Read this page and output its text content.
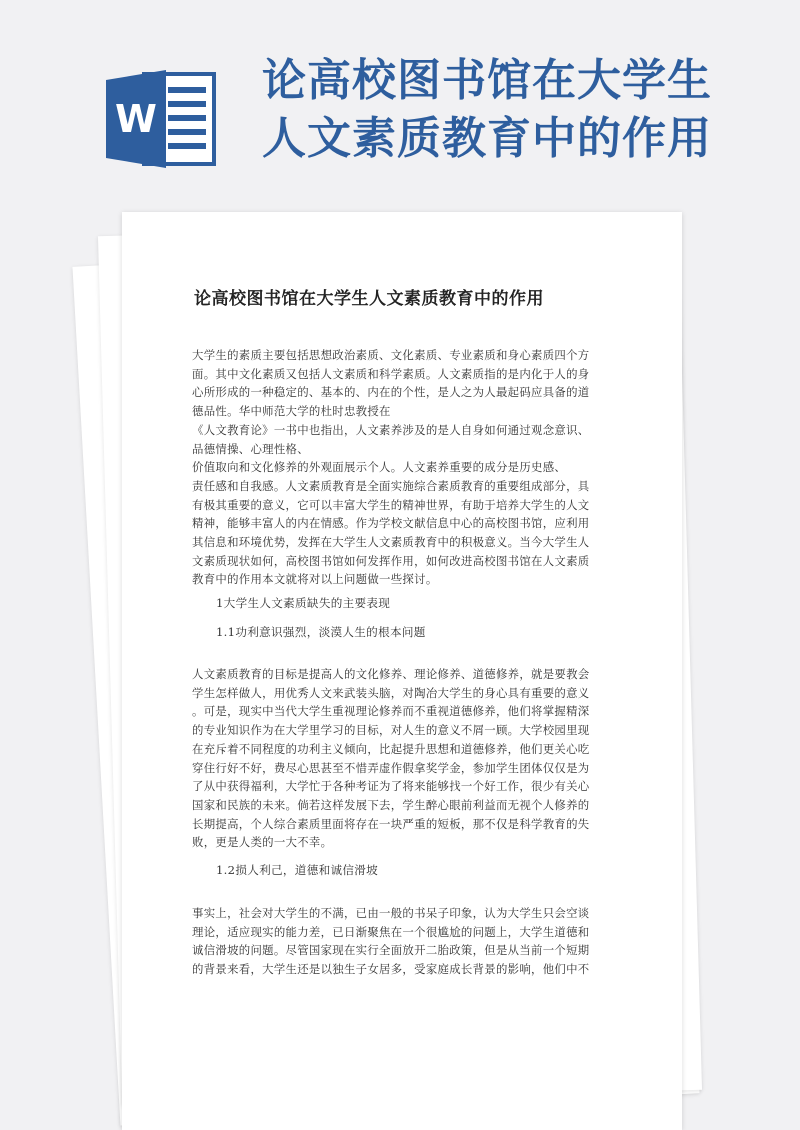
W
论高校图书馆在大学生
人文素质教育中的作用
论高校图书馆在大学生人文素质教育中的作用
大学生的素质主要包括思想政治素质、文化素质、专业素质和身心素质四个方
面。其中文化素质又包括人文素质和科学素质。人文素质指的是内化于人的身
心所形成的一种稳定的、基本的、内在的个性，是人之为人最起码应具备的道
德品性。华中师范大学的杜时忠教授在
《人文教育论》一书中也指出，人文素养涉及的是人自身如何通过观念意识、
品德情操、心理性格、
价值取向和文化修养的外观面展示个人。人文素养重要的成分是历史感、
责任感和自我感。人文素质教育是全面实施综合素质教育的重要组成部分，具
有极其重要的意义，它可以丰富大学生的精神世界，有助于培养大学生的人文
精神，能够丰富人的内在情感。作为学校文献信息中心的高校图书馆，应利用
其信息和环境优势，发挥在大学生人文素质教育中的积极意义。当今大学生人
文素质现状如何，高校图书馆如何发挥作用，如何改进高校图书馆在人文素质
教育中的作用本文就将对以上问题做一些探讨。

1大学生人文素质缺失的主要表现

1.1功利意识强烈，淡漠人生的根本问题

人文素质教育的目标是提高人的文化修养、理论修养、道德修养，就是要教会
学生怎样做人，用优秀人文来武装头脑，对陶冶大学生的身心具有重要的意义
。可是，现实中当代大学生重视理论修养而不重视道德修养，他们将掌握精深
的专业知识作为在大学里学习的目标，对人生的意义不屑一顾。大学校园里现
在充斥着不同程度的功利主义倾向，比起提升思想和道德修养，他们更关心吃
穿住行好不好，费尽心思甚至不惜弄虚作假拿奖学金，参加学生团体仅仅是为
了从中获得福利，大学忙于各种考证为了将来能够找一个好工作，很少有关心
国家和民族的未来。倘若这样发展下去，学生醉心眼前利益而无视个人修养的
长期提高，个人综合素质里面将存在一块严重的短板，那不仅是科学教育的失
败，更是人类的一大不幸。

1.2损人利己，道德和诚信滑坡

事实上，社会对大学生的不满，已由一般的书呆子印象，认为大学生只会空谈
理论，适应现实的能力差，已日渐聚焦在一个很尴尬的问题上，大学生道德和
诚信滑坡的问题。尽管国家现在实行全面放开二胎政策，但是从当前一个短期
的背景来看，大学生还是以独生子女居多，受家庭成长背景的影响，他们中不
